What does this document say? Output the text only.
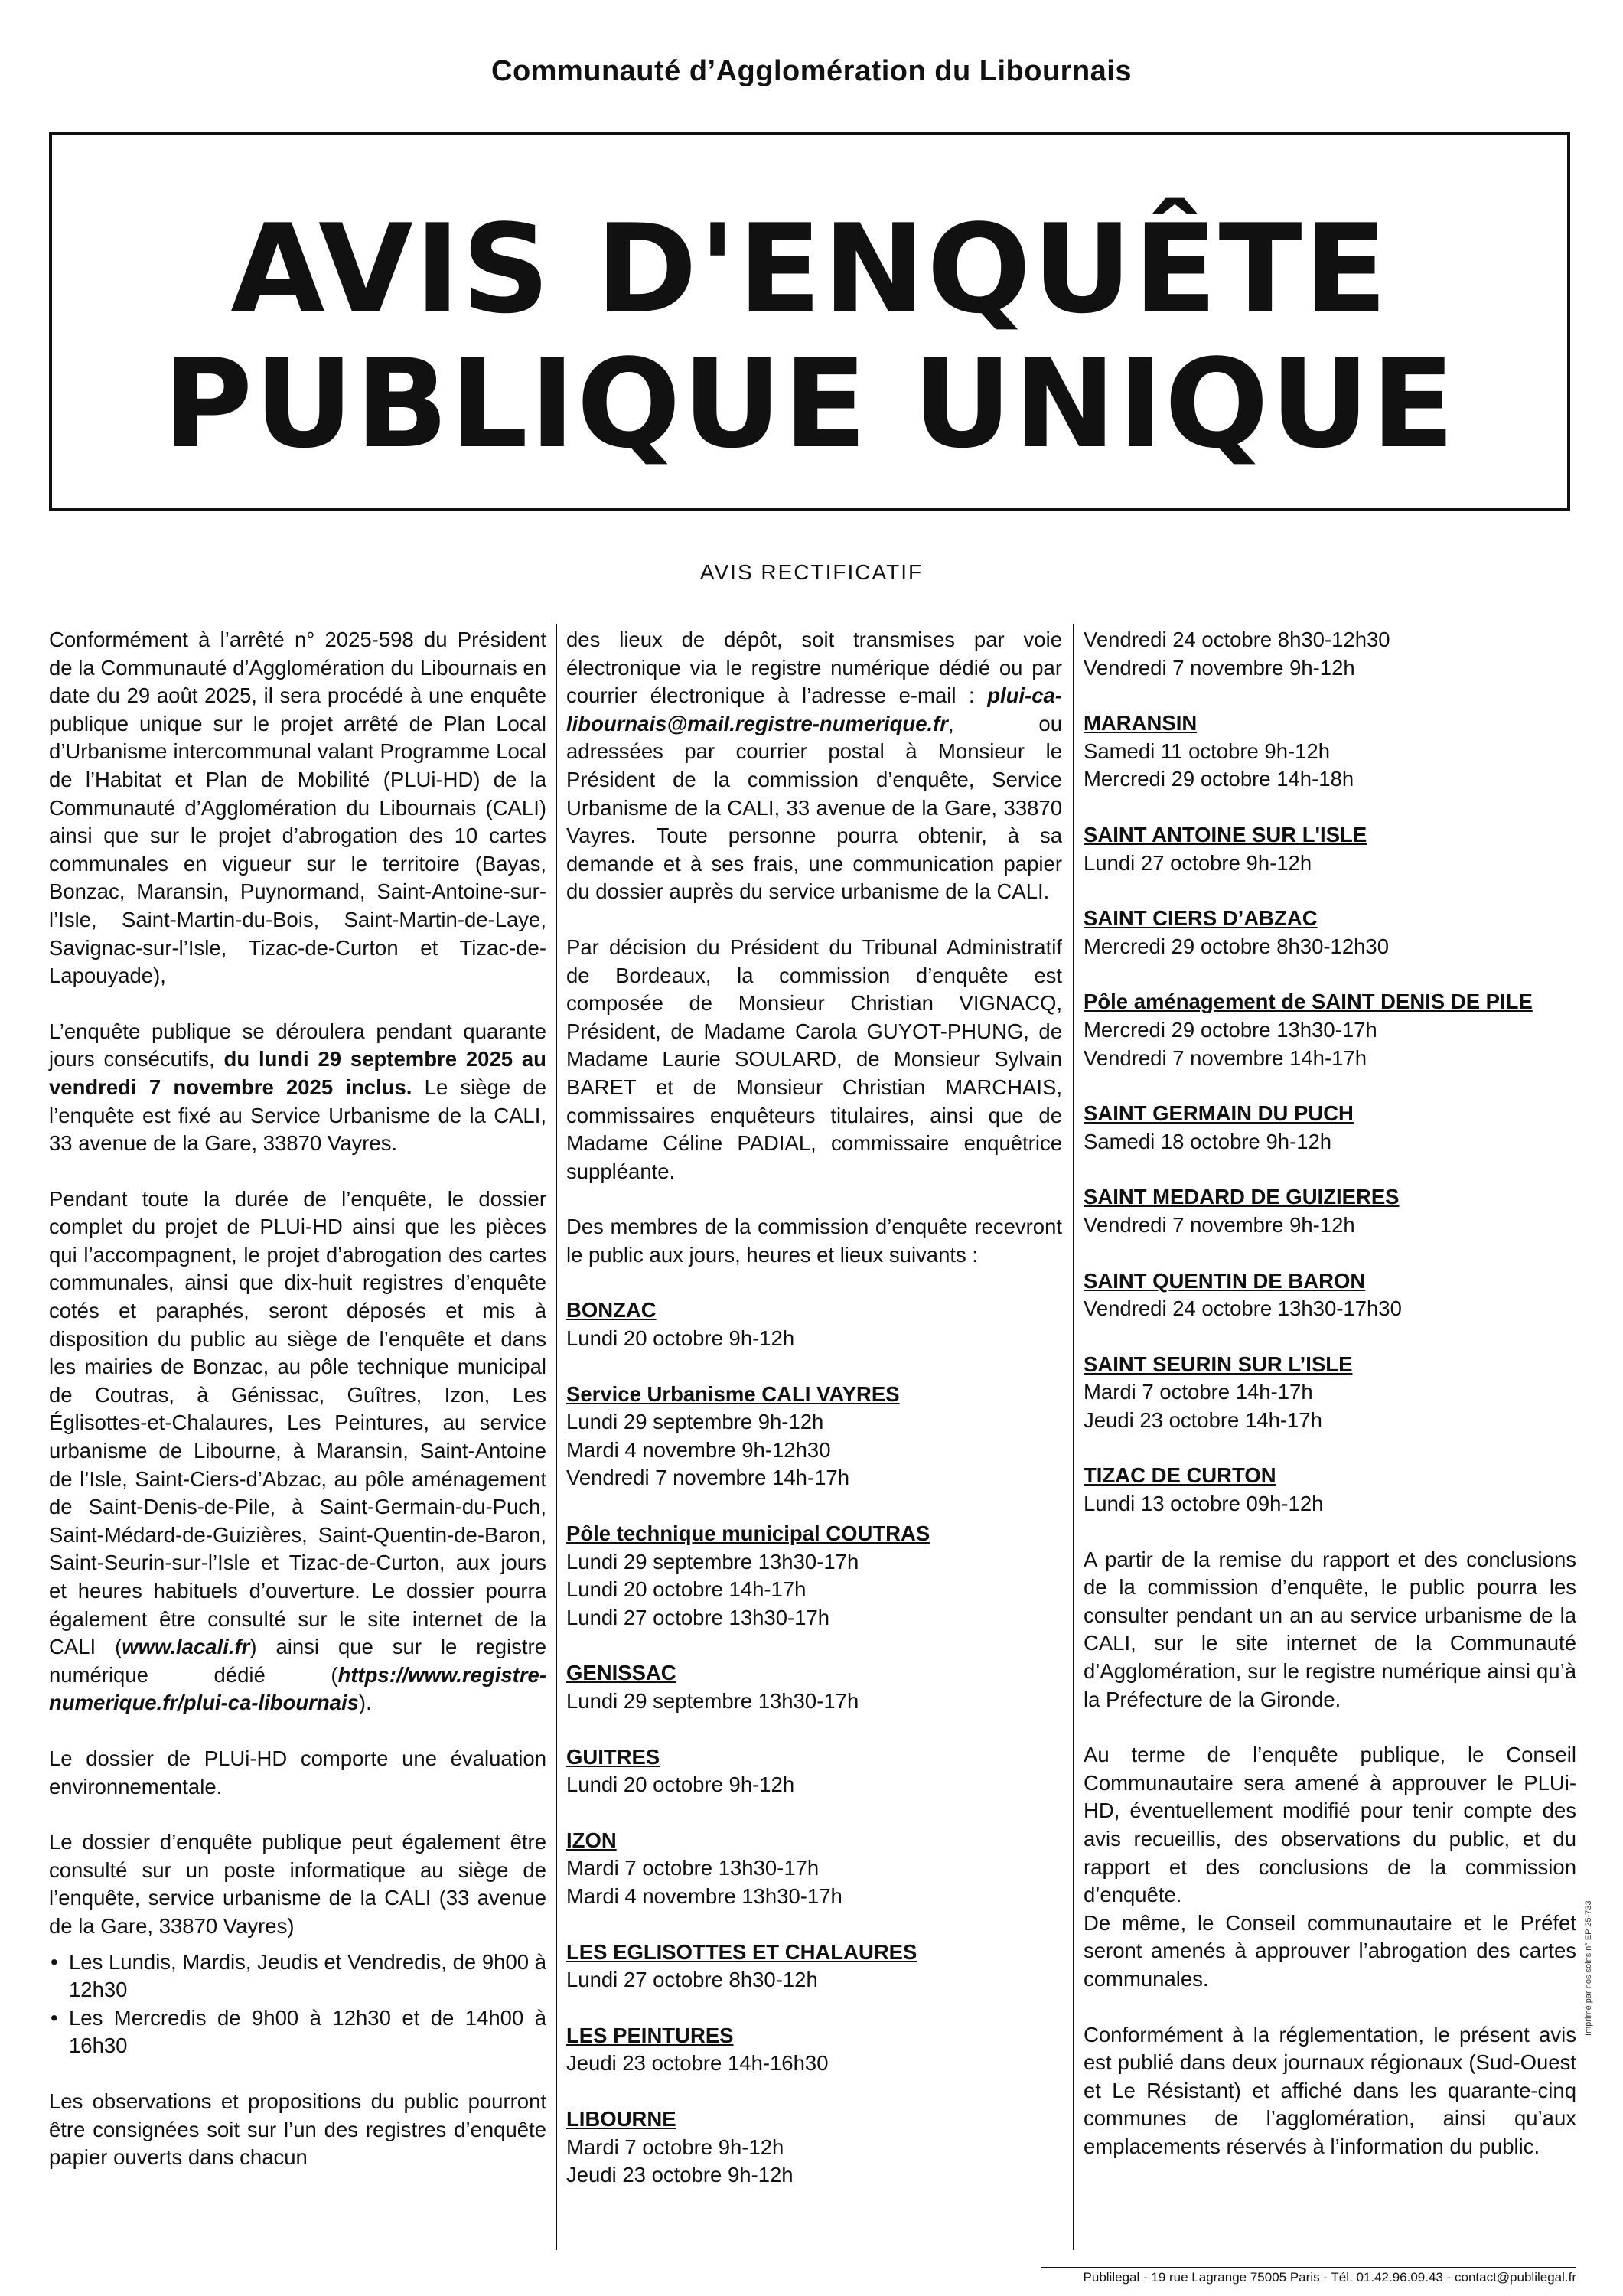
Communauté d’Agglomération du Libournais
AVIS D'ENQUÊTE
PUBLIQUE UNIQUE
AVIS RECTIFICATIF

Conformément à l’arrêté n° 2025-598 du Président de la Communauté d’Agglomération du Libournais en date du 29 août 2025, il sera procédé à une enquête publique unique sur le projet arrêté de Plan Local d’Urbanisme intercommunal valant Programme Local de l’Habitat et Plan de Mobilité (PLUi-HD) de la Communauté d’Agglomération du Libournais (CALI) ainsi que sur le projet d’abrogation des 10 cartes communales en vigueur sur le territoire (Bayas, Bonzac, Maransin, Puynormand, Saint-Antoine-sur-l’Isle, Saint-Martin-du-Bois, Saint-Martin-de-Laye, Savignac-sur-l’Isle, Tizac-de-Curton et Tizac-de-Lapouyade),

L’enquête publique se déroulera pendant quarante jours consécutifs, du lundi 29 septembre 2025 au vendredi 7 novembre 2025 inclus. Le siège de l’enquête est fixé au Service Urbanisme de la CALI, 33 avenue de la Gare, 33870 Vayres.

Pendant toute la durée de l’enquête, le dossier complet du projet de PLUi-HD ainsi que les pièces qui l’accompagnent, le projet d’abrogation des cartes communales, ainsi que dix-huit registres d’enquête cotés et paraphés, seront déposés et mis à disposition du public au siège de l’enquête et dans les mairies de Bonzac, au pôle technique municipal de Coutras, à Génissac, Guîtres, Izon, Les Églisottes-et-Chalaures, Les Peintures, au service urbanisme de Libourne, à Maransin, Saint-Antoine de l’Isle, Saint-Ciers-d’Abzac, au pôle aménagement de Saint-Denis-de-Pile, à Saint-Germain-du-Puch, Saint-Médard-de-Guizières, Saint-Quentin-de-Baron, Saint-Seurin-sur-l’Isle et Tizac-de-Curton, aux jours et heures habituels d’ouverture. Le dossier pourra également être consulté sur le site internet de la CALI (www.lacali.fr) ainsi que sur le registre numérique dédié (https://www.registre-numerique.fr/plui-ca-libournais).

Le dossier de PLUi-HD comporte une évaluation environnementale.

Le dossier d’enquête publique peut également être consulté sur un poste informatique au siège de l’enquête, service urbanisme de la CALI (33 avenue de la Gare, 33870 Vayres)

• Les Lundis, Mardis, Jeudis et Vendredis, de 9h00 à 12h30
• Les Mercredis de 9h00 à 12h30 et de 14h00 à 16h30

Les observations et propositions du public pourront être consignées soit sur l’un des registres d’enquête papier ouverts dans chacun

des lieux de dépôt, soit transmises par voie électronique via le registre numérique dédié ou par courrier électronique à l’adresse e-mail : plui-ca-libournais@mail.registre-numerique.fr, ou adressées par courrier postal à Monsieur le Président de la commission d’enquête, Service Urbanisme de la CALI, 33 avenue de la Gare, 33870 Vayres. Toute personne pourra obtenir, à sa demande et à ses frais, une communication papier du dossier auprès du service urbanisme de la CALI.

Par décision du Président du Tribunal Administratif de Bordeaux, la commission d’enquête est composée de Monsieur Christian VIGNACQ, Président, de Madame Carola GUYOT-PHUNG, de Madame Laurie SOULARD, de Monsieur Sylvain BARET et de Monsieur Christian MARCHAIS, commissaires enquêteurs titulaires, ainsi que de Madame Céline PADIAL, commissaire enquêtrice suppléante.

Des membres de la commission d’enquête recevront le public aux jours, heures et lieux suivants :

BONZAC
Lundi 20 octobre 9h-12h
Service Urbanisme CALI VAYRES
Lundi 29 septembre 9h-12h
Mardi 4 novembre 9h-12h30
Vendredi 7 novembre 14h-17h
Pôle technique municipal COUTRAS
Lundi 29 septembre 13h30-17h
Lundi 20 octobre 14h-17h
Lundi 27 octobre 13h30-17h
GENISSAC
Lundi 29 septembre 13h30-17h
GUITRES
Lundi 20 octobre 9h-12h
IZON
Mardi 7 octobre 13h30-17h
Mardi 4 novembre 13h30-17h
LES EGLISOTTES ET CHALAURES
Lundi 27 octobre 8h30-12h
LES PEINTURES
Jeudi 23 octobre 14h-16h30
LIBOURNE
Mardi 7 octobre 9h-12h
Jeudi 23 octobre 9h-12h
Vendredi 24 octobre 8h30-12h30
Vendredi 7 novembre 9h-12h
MARANSIN
Samedi 11 octobre 9h-12h
Mercredi 29 octobre 14h-18h
SAINT ANTOINE SUR L'ISLE
Lundi 27 octobre 9h-12h
SAINT CIERS D’ABZAC
Mercredi 29 octobre 8h30-12h30
Pôle aménagement de SAINT DENIS DE PILE
Mercredi 29 octobre 13h30-17h
Vendredi 7 novembre 14h-17h
SAINT GERMAIN DU PUCH
Samedi 18 octobre 9h-12h
SAINT MEDARD DE GUIZIERES
Vendredi 7 novembre 9h-12h
SAINT QUENTIN DE BARON
Vendredi 24 octobre 13h30-17h30
SAINT SEURIN SUR L’ISLE
Mardi 7 octobre 14h-17h
Jeudi 23 octobre 14h-17h
TIZAC DE CURTON
Lundi 13 octobre 09h-12h

A partir de la remise du rapport et des conclusions de la commission d’enquête, le public pourra les consulter pendant un an au service urbanisme de la CALI, sur le site internet de la Communauté d’Agglomération, sur le registre numérique ainsi qu’à la Préfecture de la Gironde.

Au terme de l’enquête publique, le Conseil Communautaire sera amené à approuver le PLUi-HD, éventuellement modifié pour tenir compte des avis recueillis, des observations du public, et du rapport et des conclusions de la commission d’enquête.

De même, le Conseil communautaire et le Préfet seront amenés à approuver l’abrogation des cartes communales.

Conformément à la réglementation, le présent avis est publié dans deux journaux régionaux (Sud-Ouest et Le Résistant) et affiché dans les quarante-cinq communes de l’agglomération, ainsi qu’aux emplacements réservés à l’information du public.

Publilegal - 19 rue Lagrange 75005 Paris - Tél. 01.42.96.09.43 - contact@publilegal.fr
Imprimé par nos soins n° EP 25-733
